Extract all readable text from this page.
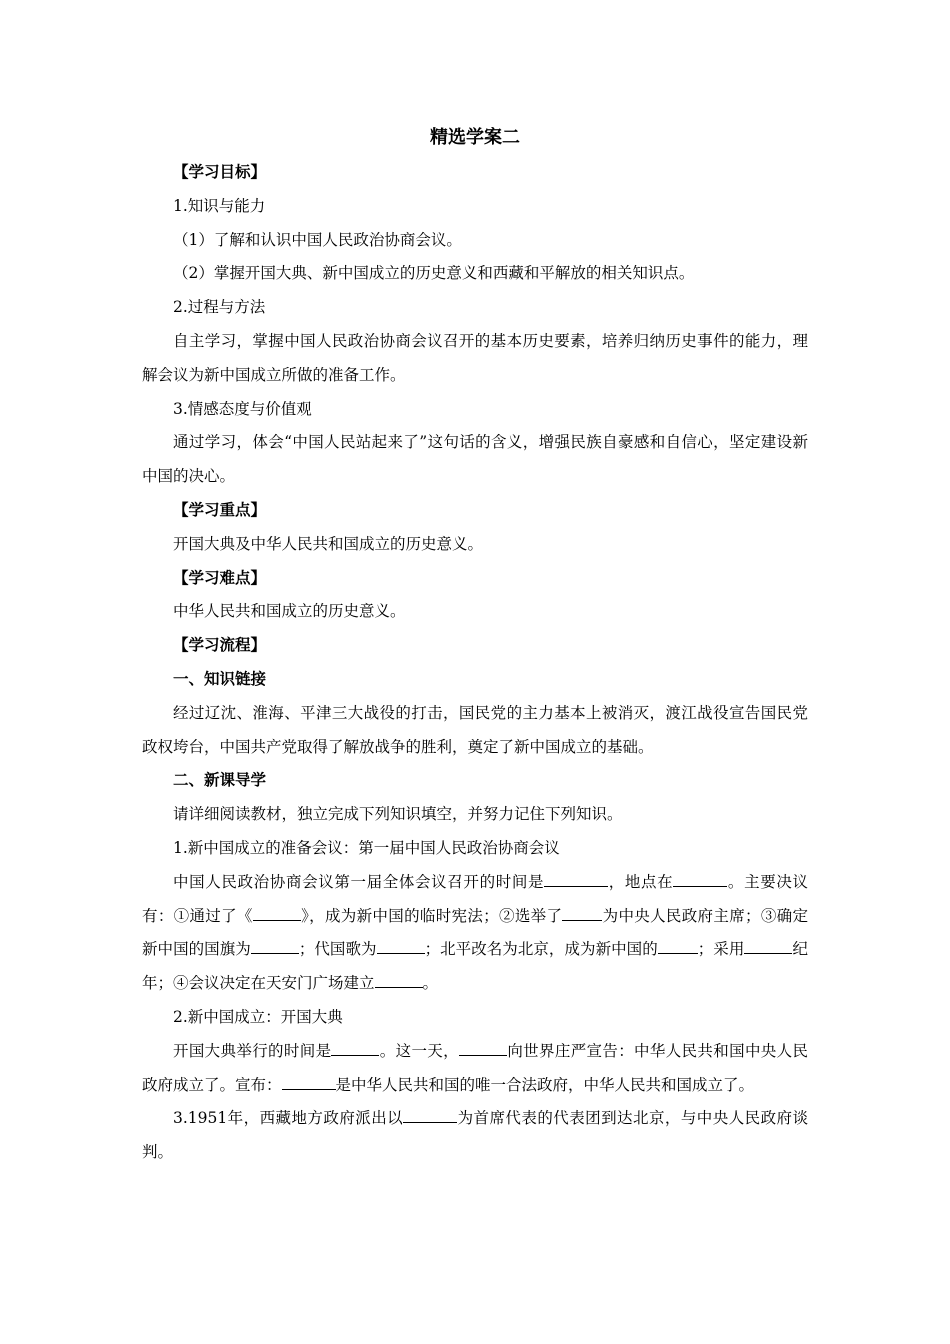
精选学案二

【学习目标】

1.知识与能力

（1）了解和认识中国人民政治协商会议。

（2）掌握开国大典、新中国成立的历史意义和西藏和平解放的相关知识点。

2.过程与方法

自主学习，掌握中国人民政治协商会议召开的基本历史要素，培养归纳历史事件的能力，理解会议为新中国成立所做的准备工作。

3.情感态度与价值观

通过学习，体会“中国人民站起来了”这句话的含义，增强民族自豪感和自信心，坚定建设新中国的决心。

【学习重点】

开国大典及中华人民共和国成立的历史意义。

【学习难点】

中华人民共和国成立的历史意义。

【学习流程】

一、知识链接

经过辽沈、淮海、平津三大战役的打击，国民党的主力基本上被消灭，渡江战役宣告国民党政权垮台，中国共产党取得了解放战争的胜利，奠定了新中国成立的基础。

二、新课导学

请详细阅读教材，独立完成下列知识填空，并努力记住下列知识。

1.新中国成立的准备会议：第一届中国人民政治协商会议

中国人民政治协商会议第一届全体会议召开的时间是	，地点在	。主要决议有：①通过了《	》，成为新中国的临时宪法；②选举了	为中央人民政府主席；③确定新中国的国旗为	；代国歌为	；北平改名为北京，成为新中国的	；采用	纪年；④会议决定在天安门广场建立	。

2.新中国成立：开国大典

开国大典举行的时间是	。这一天，	向世界庄严宣告：中华人民共和国中央人民政府成立了。宣布：	是中华人民共和国的唯一合法政府，中华人民共和国成立了。

3.1951年，西藏地方政府派出以	为首席代表的代表团到达北京，与中央人民政府谈判。
